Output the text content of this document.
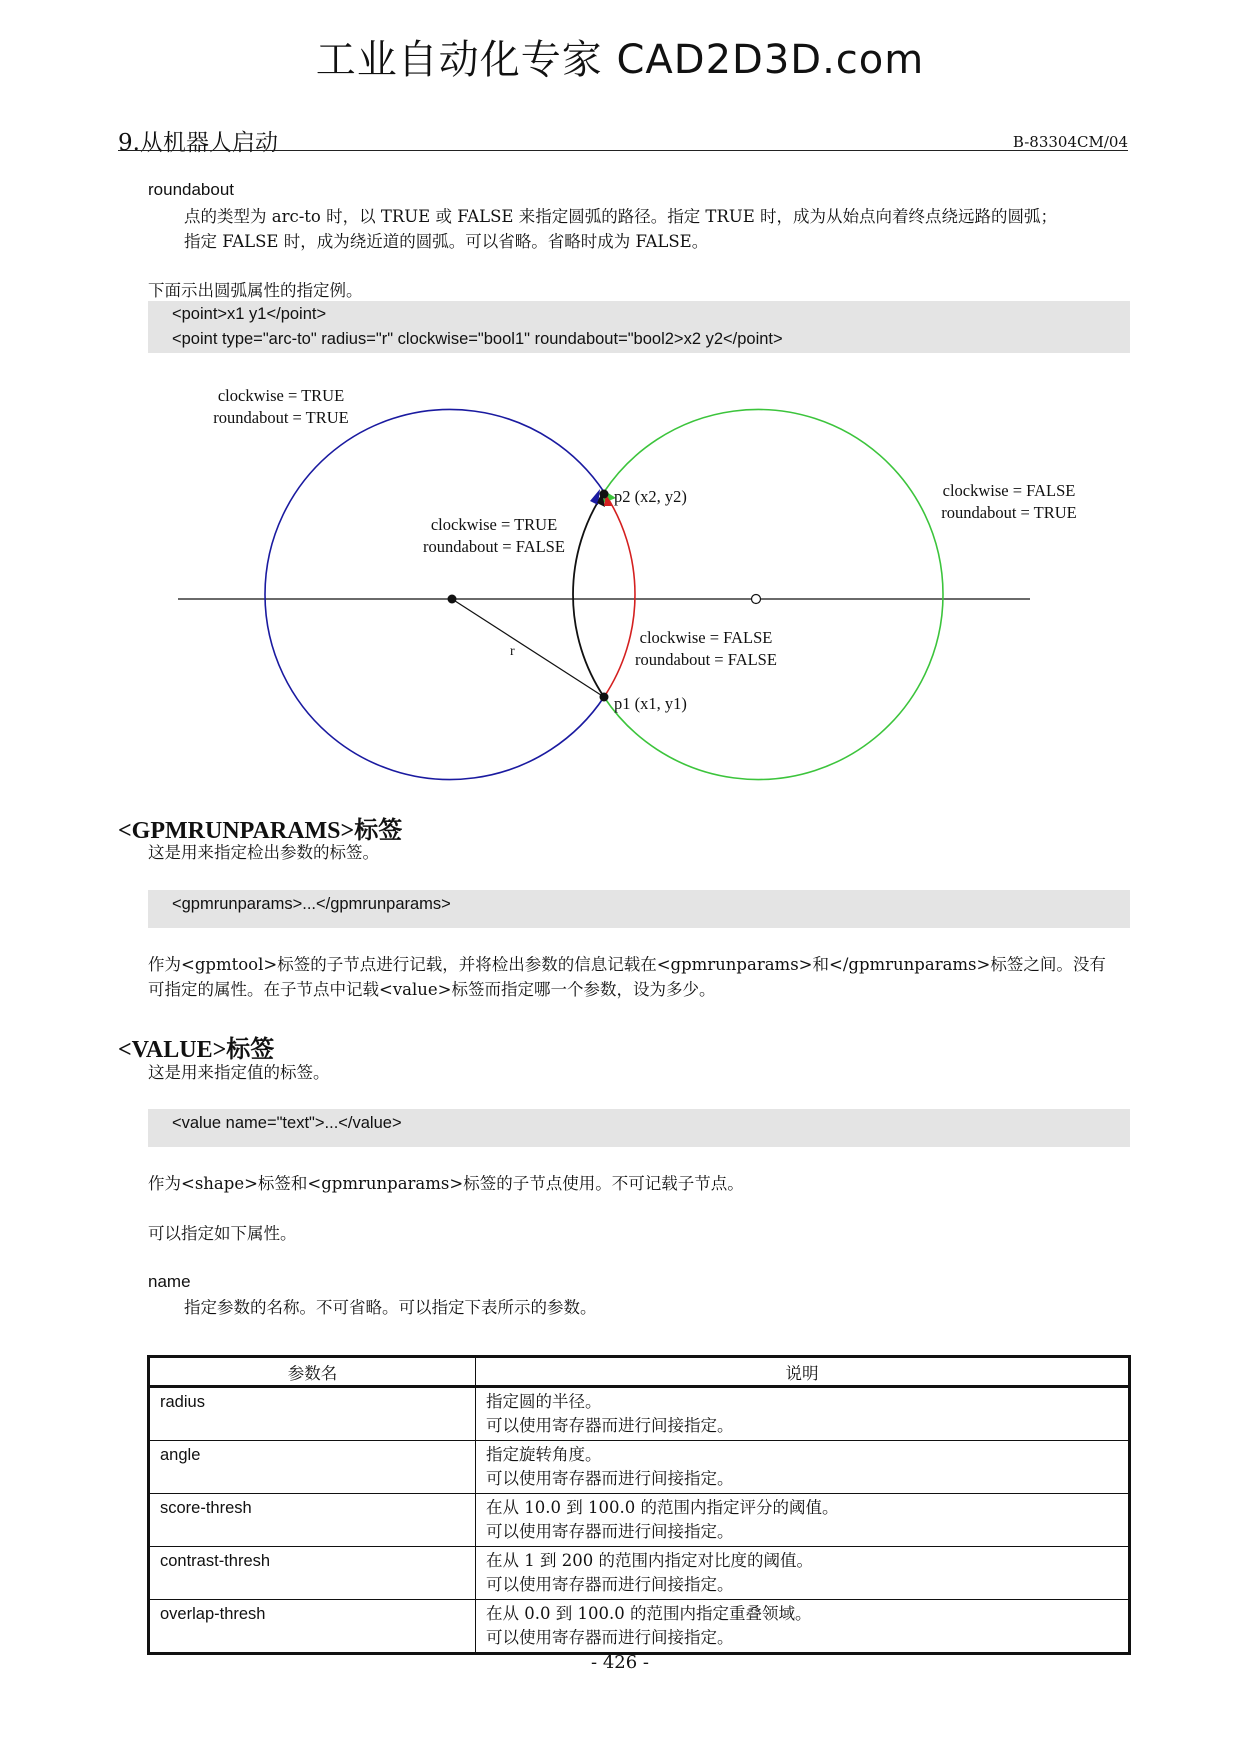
工业自动化专家 CAD2D3D.com
9.从机器人启动	B-83304CM/04
roundabout
点的类型为 arc-to 时，以 TRUE 或 FALSE 来指定圆弧的路径。指定 TRUE 时，成为从始点向着终点绕远路的圆弧；
指定 FALSE 时，成为绕近道的圆弧。可以省略。省略时成为 FALSE。
下面示出圆弧属性的指定例。
<point>x1 y1</point>
<point type="arc-to" radius="r" clockwise="bool1" roundabout="bool2>x2 y2</point>
clockwise = TRUE
roundabout = TRUE
clockwise = FALSE
roundabout = TRUE
clockwise = TRUE
roundabout = FALSE
clockwise = FALSE
roundabout = FALSE
p2 (x2, y2)
p1 (x1, y1)
r
<GPMRUNPARAMS>标签
这是用来指定检出参数的标签。
<gpmrunparams>...</gpmrunparams>
作为<gpmtool>标签的子节点进行记载，并将检出参数的信息记载在<gpmrunparams>和</gpmrunparams>标签之间。没有
可指定的属性。在子节点中记载<value>标签而指定哪一个参数，设为多少。
<VALUE>标签
这是用来指定值的标签。
<value name="text">...</value>
作为<shape>标签和<gpmrunparams>标签的子节点使用。不可记载子节点。
可以指定如下属性。
name
指定参数的名称。不可省略。可以指定下表所示的参数。
参数名	说明
radius	指定圆的半径。
可以使用寄存器而进行间接指定。

angle	指定旋转角度。
可以使用寄存器而进行间接指定。

score-thresh	在从 10.0 到 100.0 的范围内指定评分的阈值。
可以使用寄存器而进行间接指定。

contrast-thresh	在从 1 到 200 的范围内指定对比度的阈值。
可以使用寄存器而进行间接指定。

overlap-thresh	在从 0.0 到 100.0 的范围内指定重叠领域。
可以使用寄存器而进行间接指定。
- 426 -
